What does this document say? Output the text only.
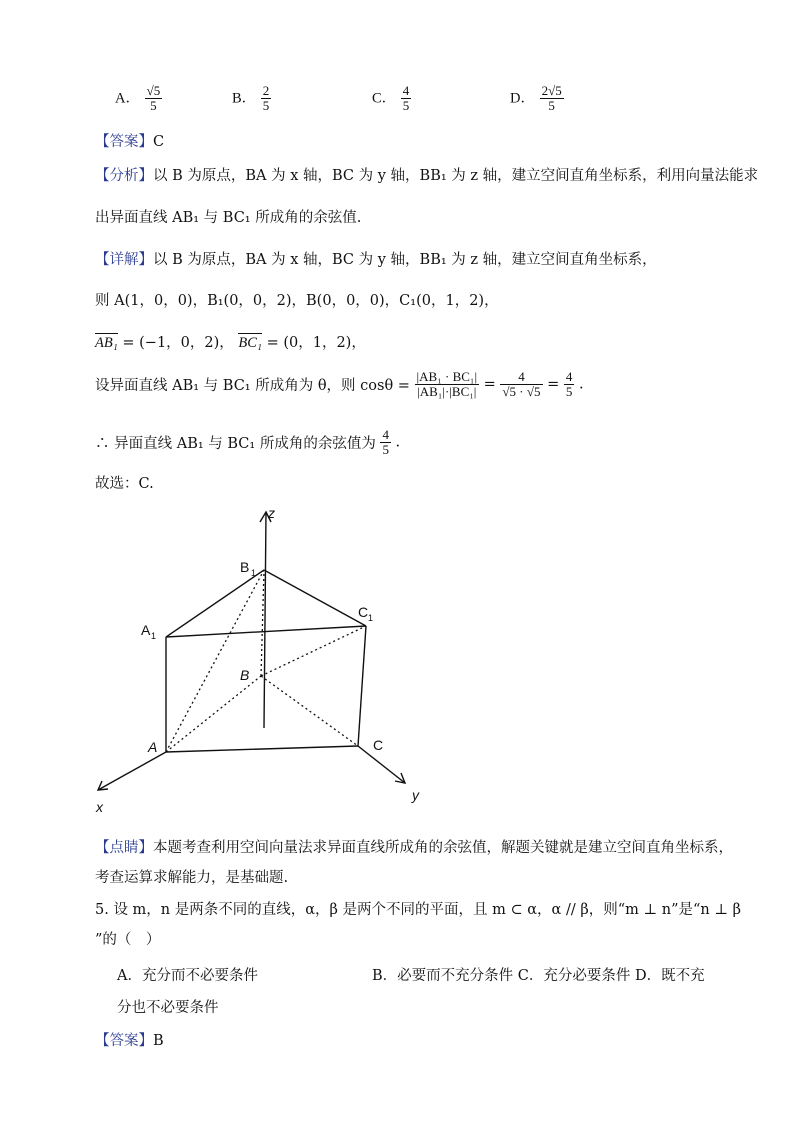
A． $\frac{√5}{5}$	B． $\frac{2}{5}$	C． $\frac{4}{5}$	D． $\frac{2√5}{5}$
【答案】C
【分析】以 B 为原点，BA 为 x 轴，BC 为 y 轴，BB₁ 为 z 轴，建立空间直角坐标系，利用向量法能求
出异面直线 AB₁ 与 BC₁ 所成角的余弦值.
【详解】以 B 为原点，BA 为 x 轴，BC 为 y 轴，BB₁ 为 z 轴，建立空间直角坐标系，
则 A(1，0，0)，B₁(0，0，2)，B(0，0，0)，C₁(0，1，2)，
AB₁ = (−1，0，2)， BC₁ = (0，1，2)，
设异面直线 AB₁ 与 BC₁ 所成角为 θ，则 $\cos\theta = \frac{\text{|AB₁ · BC₁|}}{\text{|AB₁|·|BC₁|}} = \frac{4}{√5 \cdot √5} = \frac{4}{5}$ .
∴ 异面直线 AB₁ 与 BC₁ 所成角的余弦值为 $\frac{4}{5}$ .
故选：C.
z
B 1
C 1
A 1
B
A	C
x
y
【点睛】本题考查利用空间向量法求异面直线所成角的余弦值，解题关键就是建立空间直角坐标系，
考查运算求解能力，是基础题.
5. 设 m，n 是两条不同的直线，α，β 是两个不同的平面，且 m ⊂ α，α // β，则“m ⊥ n”是“n ⊥ β
”的（　）
A．充分而不必要条件	B．必要而不充分条件 C．充分必要条件 D．既不充
分也不必要条件
【答案】B
